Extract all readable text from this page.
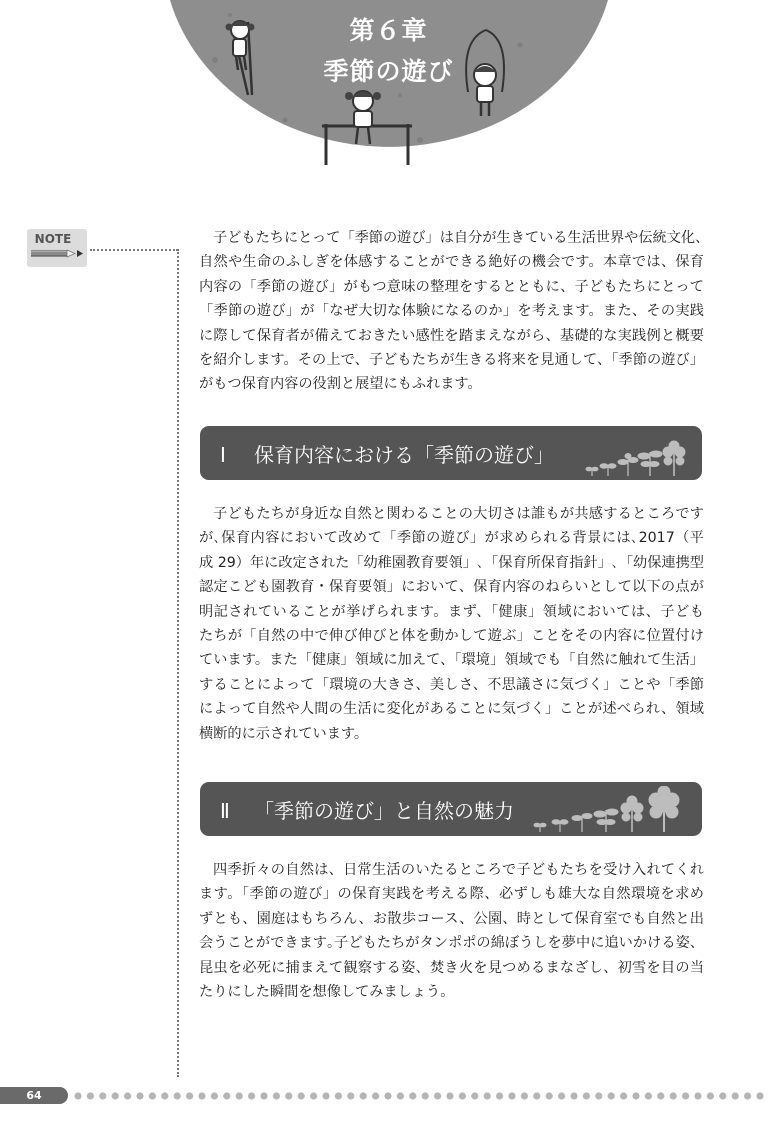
第６章
季節の遊び
NOTE	子どもたちにとって「季節の遊び」は自分が生きている生活世界や伝統文化、
自然や生命のふしぎを体感することができる絶好の機会です。本章では、保育
内容の「季節の遊び」がもつ意味の整理をするとともに、子どもたちにとって
「季節の遊び」が「なぜ大切な体験になるのか」を考えます。また、その実践
に際して保育者が備えておきたい感性を踏まえながら、基礎的な実践例と概要
を紹介します。その上で、子どもたちが生きる将来を見通して、「季節の遊び」
がもつ保育内容の役割と展望にもふれます。
Ⅰ 保育内容における「季節の遊び」
子どもたちが身近な自然と関わることの大切さは誰もが共感するところです
が､保育内容において改めて「季節の遊び」が求められる背景には､2017（平
成 29）年に改定された「幼稚園教育要領」､「保育所保育指針」､「幼保連携型
認定こども園教育・保育要領」において、保育内容のねらいとして以下の点が
明記されていることが挙げられます。まず、「健康」領域においては、子ども
たちが「自然の中で伸び伸びと体を動かして遊ぶ」ことをその内容に位置付け
ています。また「健康」領域に加えて、「環境」領域でも「自然に触れて生活」
することによって「環境の大きさ、美しさ、不思議さに気づく」ことや「季節
によって自然や人間の生活に変化があることに気づく」ことが述べられ、領域
横断的に示されています。
Ⅱ 「季節の遊び」と自然の魅力
四季折々の自然は、日常生活のいたるところで子どもたちを受け入れてくれ
ます。「季節の遊び」の保育実践を考える際、必ずしも雄大な自然環境を求め
ずとも、園庭はもちろん、お散歩コース、公園、時として保育室でも自然と出
会うことができます｡子どもたちがタンポポの綿ぼうしを夢中に追いかける姿、
昆虫を必死に捕まえて観察する姿、焚き火を見つめるまなざし、初雪を目の当
たりにした瞬間を想像してみましょう。
64
